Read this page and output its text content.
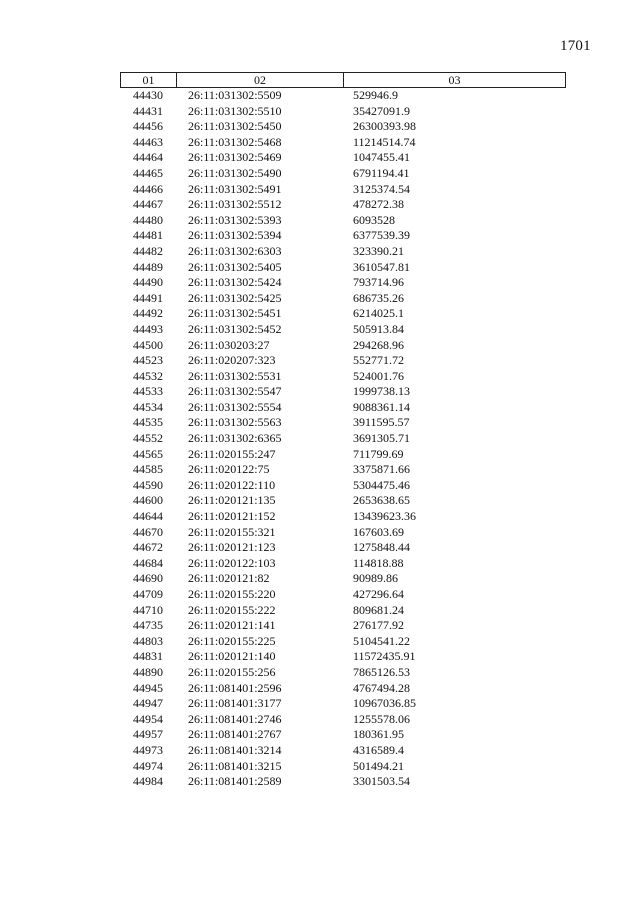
1701
01	02	03
44430	26:11:031302:5509	529946.9
44431	26:11:031302:5510	35427091.9
44456	26:11:031302:5450	26300393.98
44463	26:11:031302:5468	11214514.74
44464	26:11:031302:5469	1047455.41
44465	26:11:031302:5490	6791194.41
44466	26:11:031302:5491	3125374.54
44467	26:11:031302:5512	478272.38
44480	26:11:031302:5393	6093528
44481	26:11:031302:5394	6377539.39
44482	26:11:031302:6303	323390.21
44489	26:11:031302:5405	3610547.81
44490	26:11:031302:5424	793714.96
44491	26:11:031302:5425	686735.26
44492	26:11:031302:5451	6214025.1
44493	26:11:031302:5452	505913.84
44500	26:11:030203:27	294268.96
44523	26:11:020207:323	552771.72
44532	26:11:031302:5531	524001.76
44533	26:11:031302:5547	1999738.13
44534	26:11:031302:5554	9088361.14
44535	26:11:031302:5563	3911595.57
44552	26:11:031302:6365	3691305.71
44565	26:11:020155:247	711799.69
44585	26:11:020122:75	3375871.66
44590	26:11:020122:110	5304475.46
44600	26:11:020121:135	2653638.65
44644	26:11:020121:152	13439623.36
44670	26:11:020155:321	167603.69
44672	26:11:020121:123	1275848.44
44684	26:11:020122:103	114818.88
44690	26:11:020121:82	90989.86
44709	26:11:020155:220	427296.64
44710	26:11:020155:222	809681.24
44735	26:11:020121:141	276177.92
44803	26:11:020155:225	5104541.22
44831	26:11:020121:140	11572435.91
44890	26:11:020155:256	7865126.53
44945	26:11:081401:2596	4767494.28
44947	26:11:081401:3177	10967036.85
44954	26:11:081401:2746	1255578.06
44957	26:11:081401:2767	180361.95
44973	26:11:081401:3214	4316589.4
44974	26:11:081401:3215	501494.21
44984	26:11:081401:2589	3301503.54
